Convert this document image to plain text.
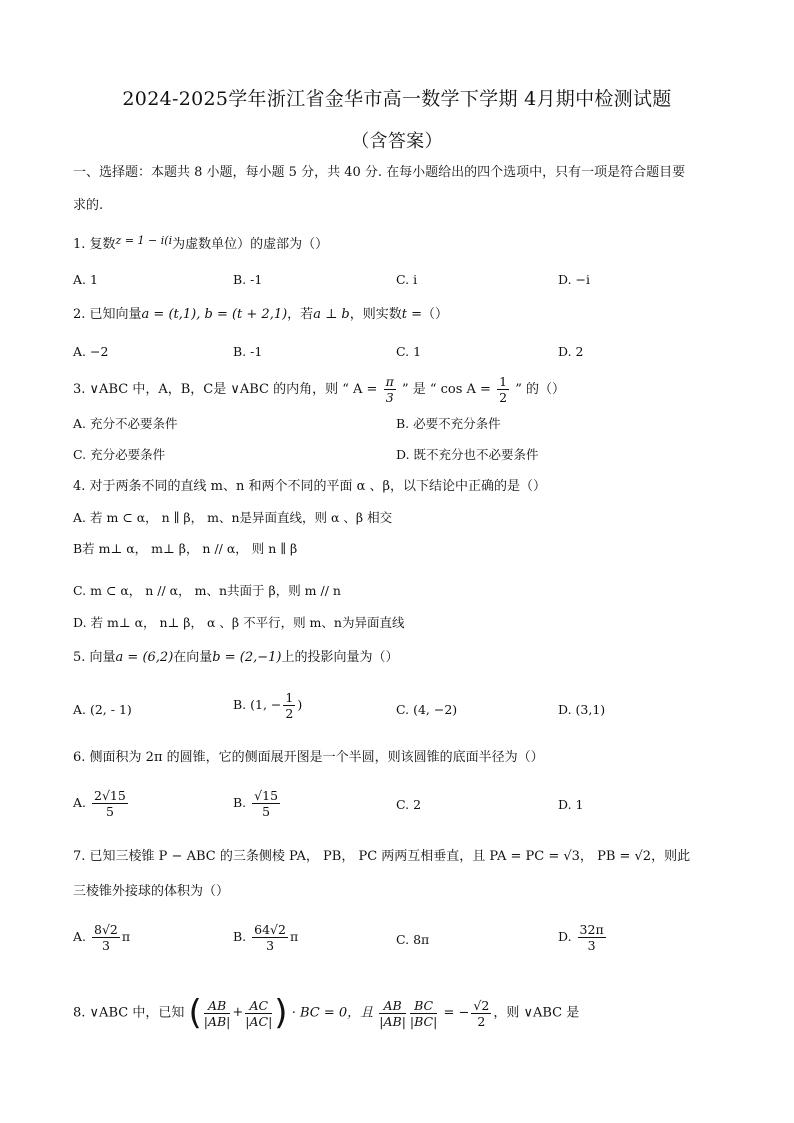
2024-2025学年浙江省金华市高一数学下学期 4月期中检测试题
（含答案）
一、选择题：本题共 8 小题，每小题 5 分，共 40 分. 在每小题给出的四个选项中，只有一项是符合题目要
求的.
1. 复数$^{z = 1 - i(i}$为虚数单位）的虚部为（）
A. 1	B. -1	C. i	D. −i
2. 已知向量a = (t,1), b = (t + 2,1)，若a ⊥ b，则实数t =（）
A. −2	B. -1	C. 1	D. 2
3. ∨ABC 中，A，B，C是 ∨ABC 的内角，则 “ $A = \frac{\pi}{3}$ ” 是 “ $\cos A = \frac{1}{2}$ ” 的（）
A. 充分不必要条件	B. 必要不充分条件
C. 充分必要条件	D. 既不充分也不必要条件
4. 对于两条不同的直线 m、n 和两个不同的平面 α 、β，以下结论中正确的是（）
A. 若 m ⊂ α， n ∥ β， m、n是异面直线，则 α 、β 相交
B若 m⊥ α， m⊥ β， n // α， 则 n ∥ β
C. m ⊂ α， n // α， m、n共面于 β，则 m // n
D. 若 m⊥ α， n⊥ β， α 、β 不平行，则 m、n为异面直线
5. 向量a = (6,2)在向量b = (2,−1)上的投影向量为（）
A. (2, - 1)	B. (1, − $\frac{1}{2}$ )	C. (4, −2)	D. (3,1)
6. 侧面积为 2π 的圆锥，它的侧面展开图是一个半圆，则该圆锥的底面半径为（）
A. $\frac{2√15}{5}$	B. $\frac{√15}{5}$	C. 2	D. 1
7. 已知三棱锥 P − ABC 的三条侧棱 PA， PB， PC 两两互相垂直，且 PA = PC = √3， PB = √2，则此
三棱锥外接球的体积为（）
A. $\frac{8√2}{3}$ π	B. $\frac{64√2}{3}$ π	C. 8π	D. $\frac{32\pi}{3}$
8. ∨ABC 中，已知 ( $\frac{AB}{|AB|} + \frac{AC}{|AC|}$ ) · BC = 0，且 $\frac{AB}{|AB|} \frac{BC}{|BC|}$ = − $\frac{√2}{2}$ ，则 ∨ABC 是
